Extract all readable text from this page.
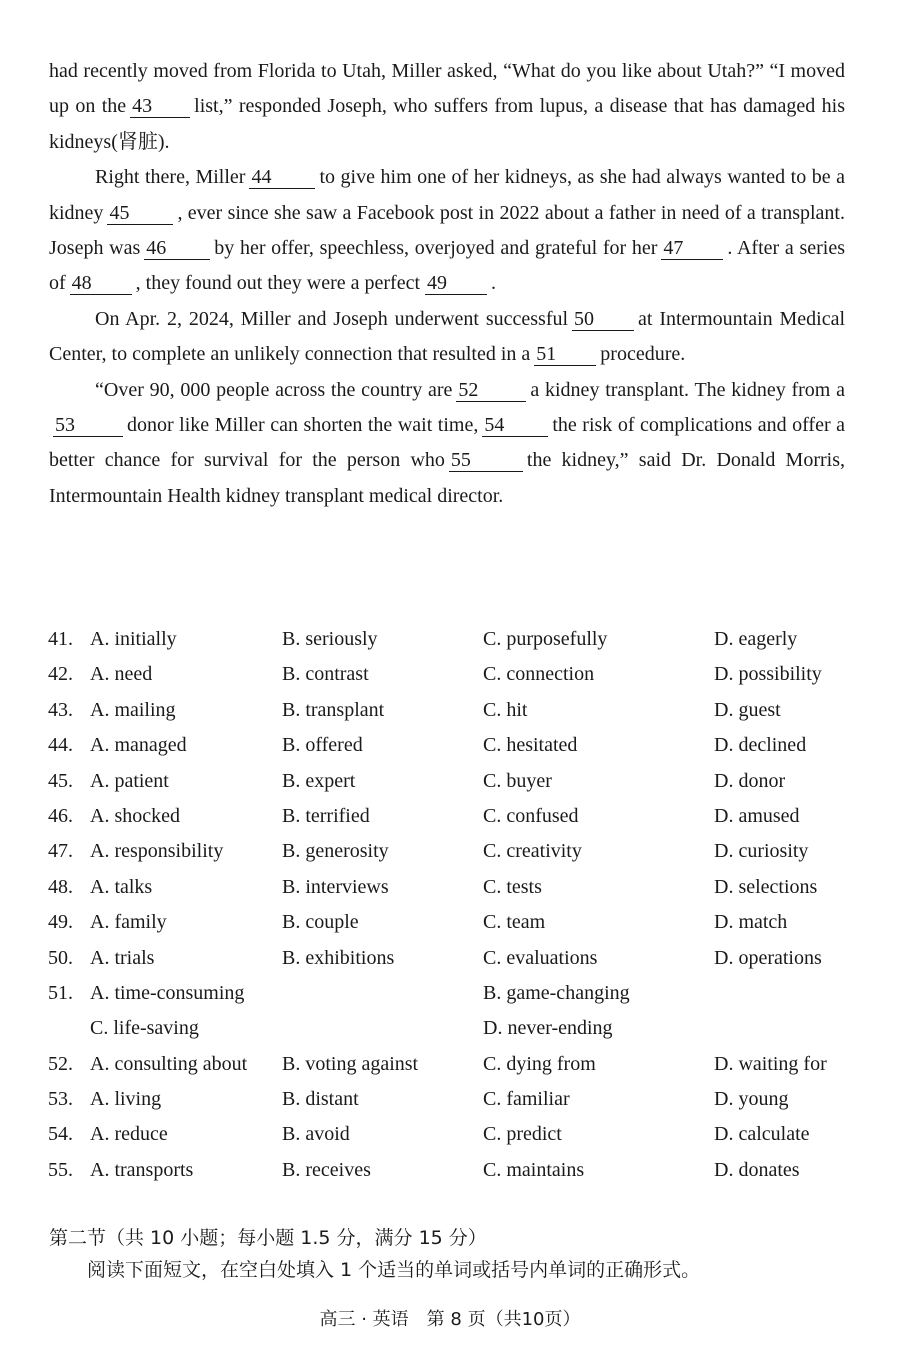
had recently moved from Florida to Utah, Miller asked, “What do you like about Utah?” “I moved up on the 43 list,” responded Joseph, who suffers from lupus, a disease that has damaged his kidneys(肾脏).

Right there, Miller 44 to give him one of her kidneys, as she had always wanted to be a kidney 45 , ever since she saw a Facebook post in 2022 about a father in need of a transplant. Joseph was 46 by her offer, speechless, overjoyed and grateful for her 47 . After a series of 48 , they found out they were a perfect 49 .

On Apr. 2, 2024, Miller and Joseph underwent successful 50 at Intermountain Medical Center, to complete an unlikely connection that resulted in a 51 procedure.

“Over 90, 000 people across the country are 52	a kidney transplant. The kidney from a53	donor like Miller can shorten the wait time, 54 the risk of complications and offer a better chance for survival for the person who 55	the kidney,” said Dr. Donald Morris, Intermountain Health kidney transplant medical director.

41. A. initially	B. seriously	C. purposefully	D. eagerly
42. A. need	B. contrast	C. connection	D. possibility
43. A. mailing	B. transplant	C. hit	D. guest
44. A. managed	B. offered	C. hesitated	D. declined
45. A. patient	B. expert	C. buyer	D. donor
46. A. shocked	B. terrified	C. confused	D. amused
47. A. responsibility	B. generosity	C. creativity	D. curiosity
48. A. talks	B. interviews	C. tests	D. selections
49. A. family	B. couple	C. team	D. match
50. A. trials	B. exhibitions	C. evaluations	D. operations
51. A. time-consuming	B. game-changing
C. life-saving	D. never-ending
52. A. consulting about B. voting against	C. dying from	D. waiting for
53. A. living	B. distant	C. familiar	D. young
54. A. reduce	B. avoid	C. predict	D. calculate
55. A. transports	B. receives	C. maintains	D. donates
第二节（共 10 小题；每小题 1.5 分，满分 15 分）
阅读下面短文，在空白处填入 1 个适当的单词或括号内单词的正确形式。
高三 · 英语　第 8 页（共10页）
